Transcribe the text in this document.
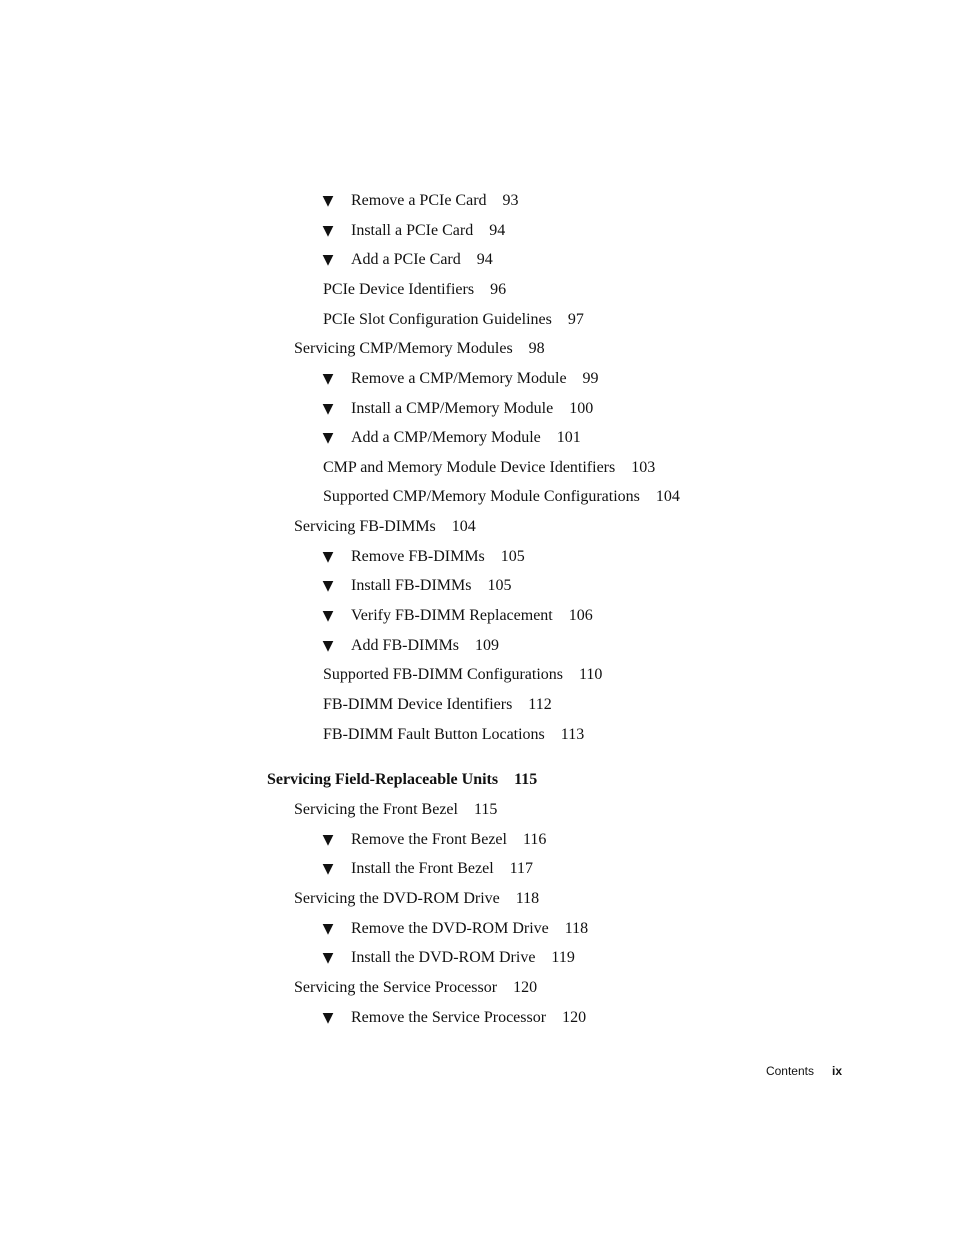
▼ Remove a PCIe Card 93
▼ Install a PCIe Card 94
▼ Add a PCIe Card 94
PCIe Device Identifiers 96
PCIe Slot Configuration Guidelines 97
Servicing CMP/Memory Modules 98
▼ Remove a CMP/Memory Module 99
▼ Install a CMP/Memory Module 100
▼ Add a CMP/Memory Module 101
CMP and Memory Module Device Identifiers 103
Supported CMP/Memory Module Configurations 104
Servicing FB-DIMMs 104
▼ Remove FB-DIMMs 105
▼ Install FB-DIMMs 105
▼ Verify FB-DIMM Replacement 106
▼ Add FB-DIMMs 109
Supported FB-DIMM Configurations 110
FB-DIMM Device Identifiers 112
FB-DIMM Fault Button Locations 113
Servicing Field-Replaceable Units 115
Servicing the Front Bezel 115
▼ Remove the Front Bezel 116
▼ Install the Front Bezel 117
Servicing the DVD-ROM Drive 118
▼ Remove the DVD-ROM Drive 118
▼ Install the DVD-ROM Drive 119
Servicing the Service Processor 120
▼ Remove the Service Processor 120
Contents ix
